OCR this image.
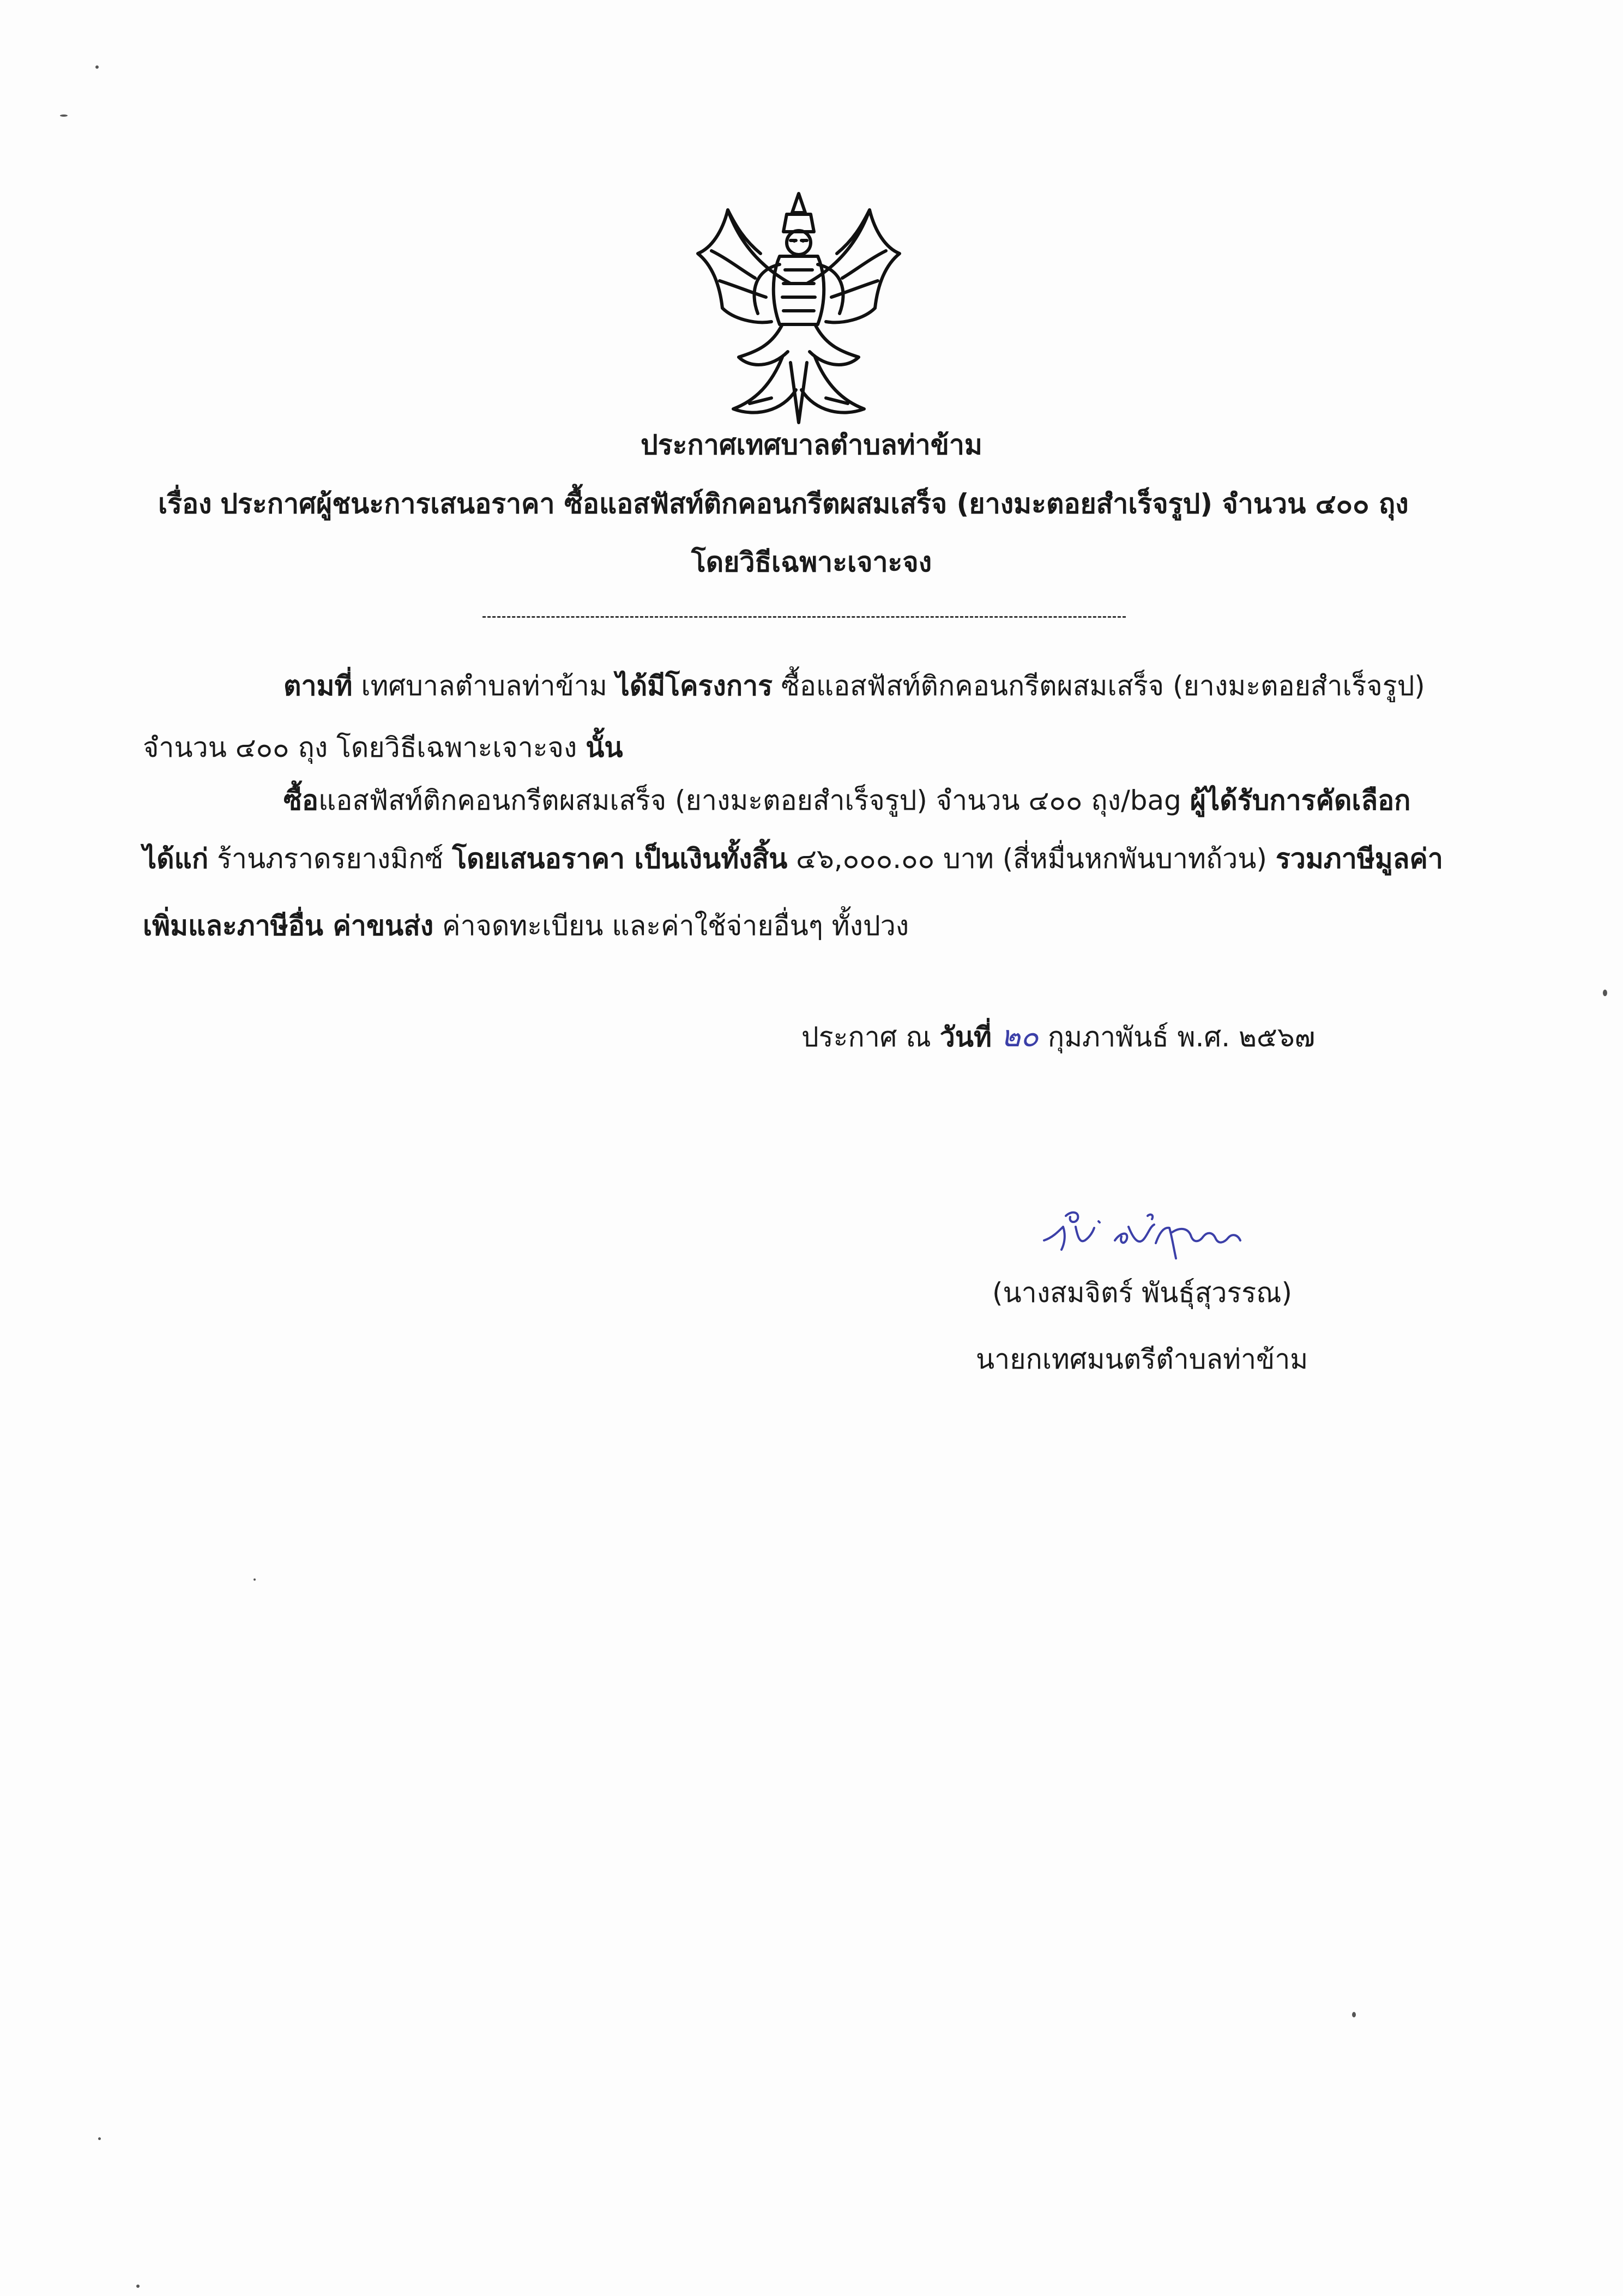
ประกาศเทศบาลตำบลท่าข้าม
เรื่อง ประกาศผู้ชนะการเสนอราคา ซื้อแอสฟัสท์ติกคอนกรีตผสมเสร็จ (ยางมะตอยสำเร็จรูป) จำนวน ๔๐๐ ถุง
โดยวิธีเฉพาะเจาะจง
ตามที่ เทศบาลตำบลท่าข้าม ได้มีโครงการ ซื้อแอสฟัสท์ติกคอนกรีตผสมเสร็จ (ยางมะตอยสำเร็จรูป)
จำนวน ๔๐๐ ถุง โดยวิธีเฉพาะเจาะจง นั้น
ซื้อแอสฟัสท์ติกคอนกรีตผสมเสร็จ (ยางมะตอยสำเร็จรูป) จำนวน ๔๐๐ ถุง/bag ผู้ได้รับการคัดเลือก
ได้แก่ ร้านภราดรยางมิกซ์ โดยเสนอราคา เป็นเงินทั้งสิ้น ๔๖,๐๐๐.๐๐ บาท (สี่หมื่นหกพันบาทถ้วน) รวมภาษีมูลค่า
เพิ่มและภาษีอื่น ค่าขนส่ง ค่าจดทะเบียน และค่าใช้จ่ายอื่นๆ ทั้งปวง
ประกาศ ณ วันที่ ๒๐ กุมภาพันธ์ พ.ศ. ๒๕๖๗
(นางสมจิตร์ พันธุ์สุวรรณ)
นายกเทศมนตรีตำบลท่าข้าม
